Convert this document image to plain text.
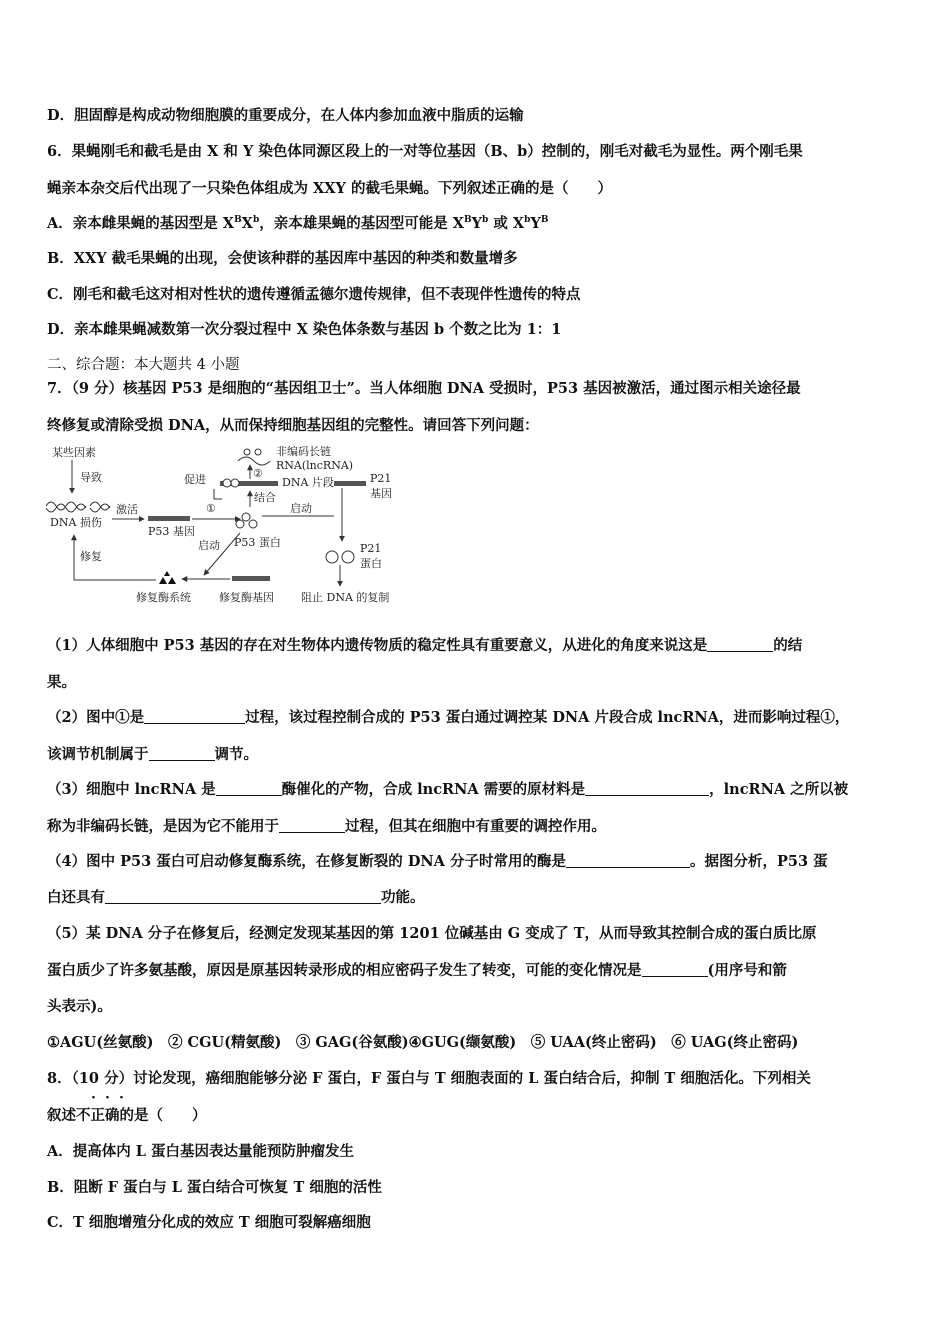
D．胆固醇是构成动物细胞膜的重要成分，在人体内参加血液中脂质的运输
6．果蝇刚毛和截毛是由 X 和 Y 染色体同源区段上的一对等位基因（B、b）控制的，刚毛对截毛为显性。两个刚毛果
蝇亲本杂交后代出现了一只染色体组成为 XXY 的截毛果蝇。下列叙述正确的是（　　）
A．亲本雌果蝇的基因型是 $X^BX^b$，亲本雄果蝇的基因型可能是 $X^BY^b$ 或 $X^bY^B$
B．XXY 截毛果蝇的出现，会使该种群的基因库中基因的种类和数量增多
C．刚毛和截毛这对相对性状的遗传遵循孟德尔遗传规律，但不表现伴性遗传的特点
D．亲本雌果蝇减数第一次分裂过程中 X 染色体条数与基因 b 个数之比为 1：1
二、综合题：本大题共 4 小题
7．（9 分）核基因 P53 是细胞的“基因组卫士”。当人体细胞 DNA 受损时，P53 基因被激活，通过图示相关途径最
终修复或清除受损 DNA，从而保持细胞基因组的完整性。请回答下列问题：
某些因素
导致
DNA 损伤
激活
P53 基因
①
促进
非编码长链
RNA(lncRNA)
②
DNA 片段	P21
基因
结合
P53 蛋白
启动
P21
蛋白
阻止 DNA 的复制
启动
修复酶系统	修复酶基因
修复
（1）人体细胞中 P53 基因的存在对生物体内遗传物质的稳定性具有重要意义，从进化的角度来说这是	的结
果。
（2）图中①是	过程，该过程控制合成的 P53 蛋白通过调控某 DNA 片段合成 lncRNA，进而影响过程①，
该调节机制属于	调节。
（3）细胞中 lncRNA 是	酶催化的产物，合成 lncRNA 需要的原材料是	，lncRNA 之所以被
称为非编码长链，是因为它不能用于	过程，但其在细胞中有重要的调控作用。
（4）图中 P53 蛋白可启动修复酶系统，在修复断裂的 DNA 分子时常用的酶是	。据图分析，P53 蛋
白还具有	功能。
（5）某 DNA 分子在修复后，经测定发现某基因的第 1201 位碱基由 G 变成了 T，从而导致其控制合成的蛋白质比原
蛋白质少了许多氨基酸，原因是原基因转录形成的相应密码子发生了转变，可能的变化情况是	(用序号和箭
头表示)。
①AGU(丝氨酸)　② CGU(精氨酸)　③ GAG(谷氨酸)④GUG(缬氨酸)　⑤ UAA(终止密码)　⑥ UAG(终止密码)
8．（10 分）讨论发现，癌细胞能够分泌 F 蛋白，F 蛋白与 T 细胞表面的 L 蛋白结合后，抑制 T 细胞活化。下列相关
· · ·
叙述不正确的是（　　）
A．提高体内 L 蛋白基因表达量能预防肿瘤发生
B．阻断 F 蛋白与 L 蛋白结合可恢复 T 细胞的活性
C．T 细胞增殖分化成的效应 T 细胞可裂解癌细胞
